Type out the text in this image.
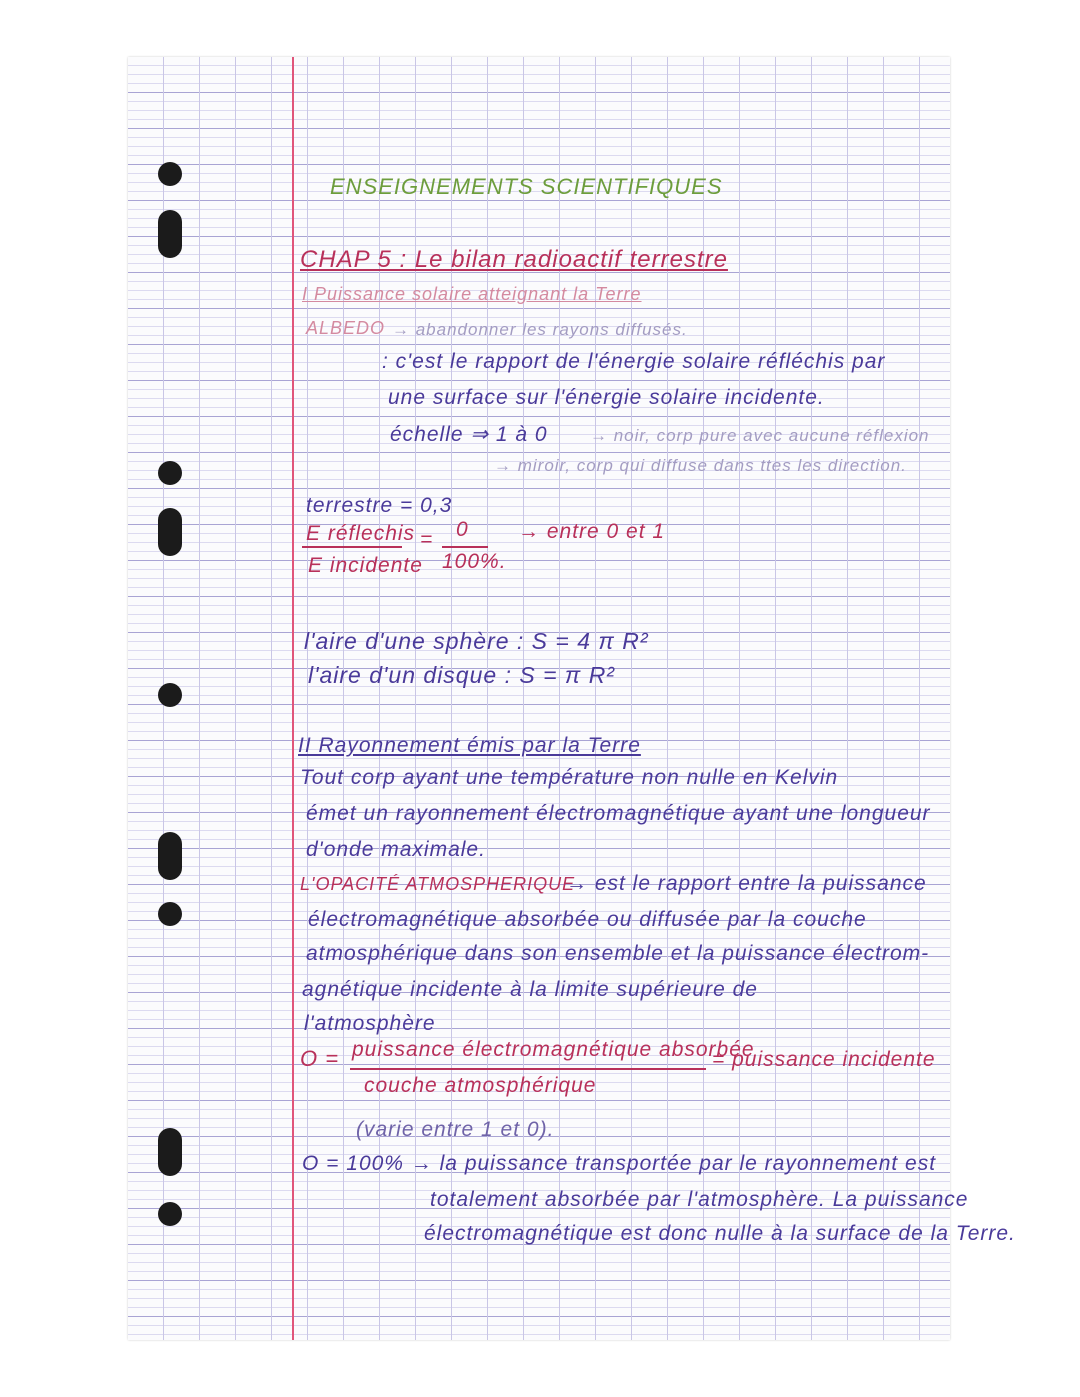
ENSEIGNEMENTS SCIENTIFIQUES
CHAP 5 : Le bilan radioactif terrestre
I Puissance solaire atteignant la Terre
ALBEDO → abandonner les rayons diffusés.
: c'est le rapport de l'énergie solaire réfléchis par
une surface sur l'énergie solaire incidente.
échelle ⇒ 1 à 0 → noir, corp pure avec aucune réflexion
→ miroir, corp qui diffuse dans ttes les direction.
terrestre = 0,3
E réflechis
E incidente
= 0
100%.
→ entre 0 et 1
l'aire d'une sphère : S = 4 π R²
l'aire d'un disque : S = π R²
II Rayonnement émis par la Terre
Tout corp ayant une température non nulle en Kelvin
émet un rayonnement électromagnétique ayant une longueur
d'onde maximale.
L'OPACITÉ ATMOSPHERIQUE
→ est le rapport entre la puissance
électromagnétique absorbée ou diffusée par la couche
atmosphérique dans son ensemble et la puissance électrom-
agnétique incidente à la limite supérieure de
l'atmosphère
O = puissance électromagnétique absorbée
couche atmosphérique
= puissance incidente
(varie entre 1 et 0).
O = 100% → la puissance transportée par le rayonnement est
totalement absorbée par l'atmosphère. La puissance
électromagnétique est donc nulle à la surface de la Terre.
